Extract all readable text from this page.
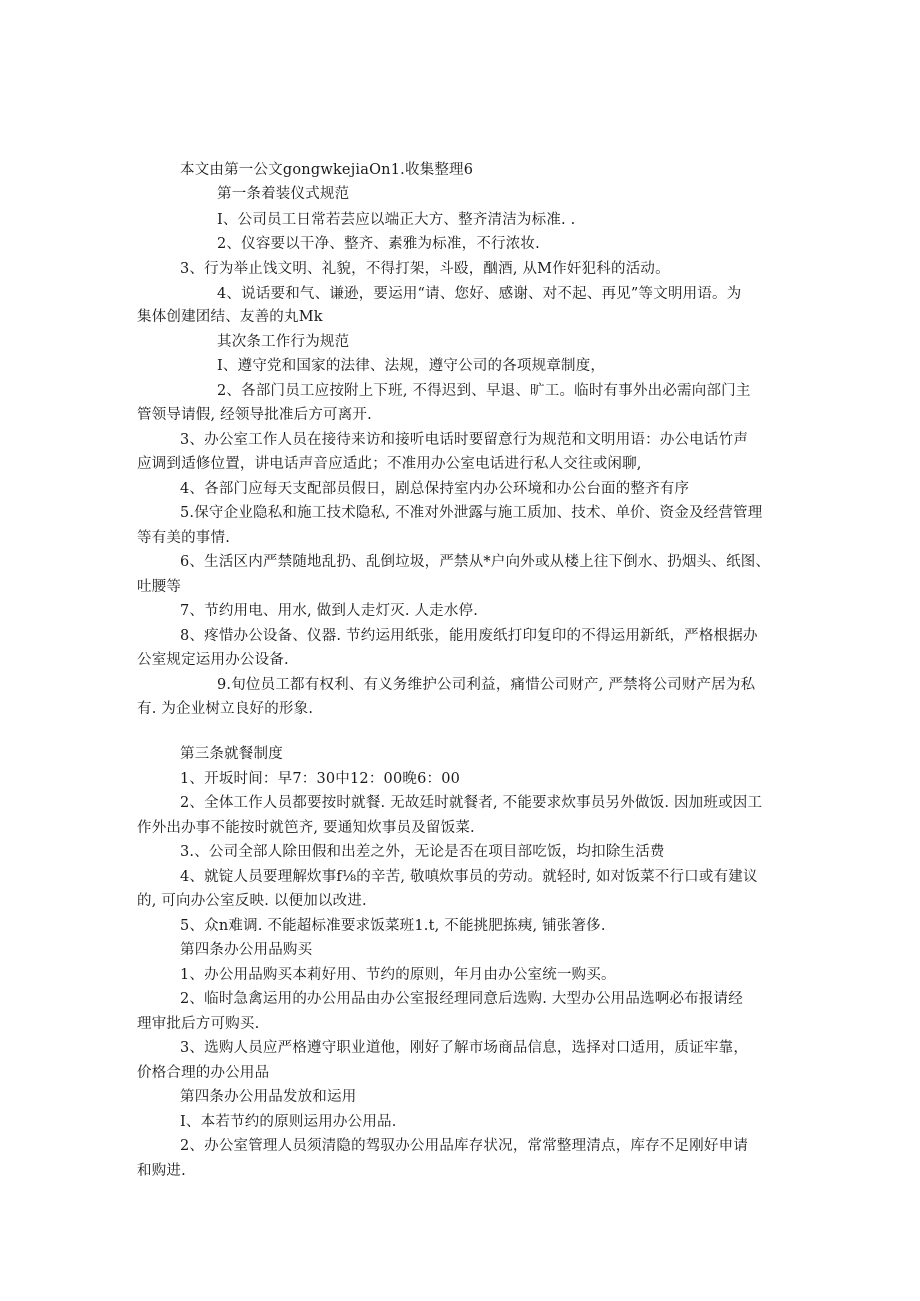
本文由第一公文gongwkejiaOn1.收集整理6
第一条着装仪式规范
I、公司员工日常若芸应以端正大方、整齐清洁为标准. .
2、仪容要以干净、整齐、素雅为标准，不行浓妆.
3、行为举止饯文明、礼貌，不得打架，斗殴，酗酒, 从M作奸犯科的活动。
4、说话要和气、谦逊，要运用“请、您好、感谢、对不起、再见”等文明用语。为
集体创建团结、友善的丸Mk
其次条工作行为规范
I、遵守党和国家的法律、法规，遵守公司的各项规章制度，
2、各部门员工应按附上下班, 不得迟到、早退、旷工。临时有事外出必需向部门主
管领导请假, 经领导批准后方可离开.
3、办公室工作人员在接待来访和接听电话时要留意行为规范和文明用语：办公电话竹声
应调到适修位置，讲电话声音应适此；不准用办公室电话进行私人交往或闲聊,
4、各部门应每天支配部员假日，剧总保持室内办公环境和办公台面的整齐有序
5.保守企业隐私和施工技术隐私, 不准对外泄露与施工质加、技术、单价、资金及经营管理
等有美的事情.
6、生活区内严禁随地乱扔、乱倒垃圾，严禁从*户向外或从楼上往下倒水、扔烟头、纸图、
吐腰等
7、节约用电、用水, 做到人走灯灭. 人走水停.
8、疼惜办公设备、仪器. 节约运用纸张，能用废纸打印复印的不得运用新纸，严格根据办
公室规定运用办公设备.
9.旬位员工都有权利、有义务维护公司利益，痛惜公司财产, 严禁将公司财产居为私
有. 为企业树立良好的形象.
第三条就餐制度
1、开坂时间：早7：30中12：00晚6：00
2、全体工作人员都要按时就餐. 无故廷时就餐者, 不能要求炊事员另外做饭. 因加班或因工
作外出办事不能按时就笆齐, 要通知炊事员及留饭菜.
3.、公司全部人除田假和出差之外，无论是否在项目部吃饭，均扣除生活费
4、就锭人员要理解炊事f⅛的辛苦, 敬嗔炊事员的劳动。就轻时, 如对饭菜不行口或有建议
的, 可向办公室反映. 以便加以改进.
5、众n难调. 不能超标准要求饭菜班1.t, 不能挑肥拣痍, 铺张箸侈.
第四条办公用品购买
1、办公用品购买本莉好用、节约的原则，年月由办公室统一购买。
2、临时急禽运用的办公用品由办公室报经理同意后选购. 大型办公用品选啊必布报请经
理审批后方可购买.
3、选购人员应严格遵守职业道他，刚好了解市场商品信息，选择对口适用，质证牢靠，
价格合理的办公用品
第四条办公用品发放和运用
I、本若节约的原则运用办公用品.
2、办公室管理人员须清隐的驾驭办公用品库存状况，常常整理清点，库存不足刚好申请
和购进.
